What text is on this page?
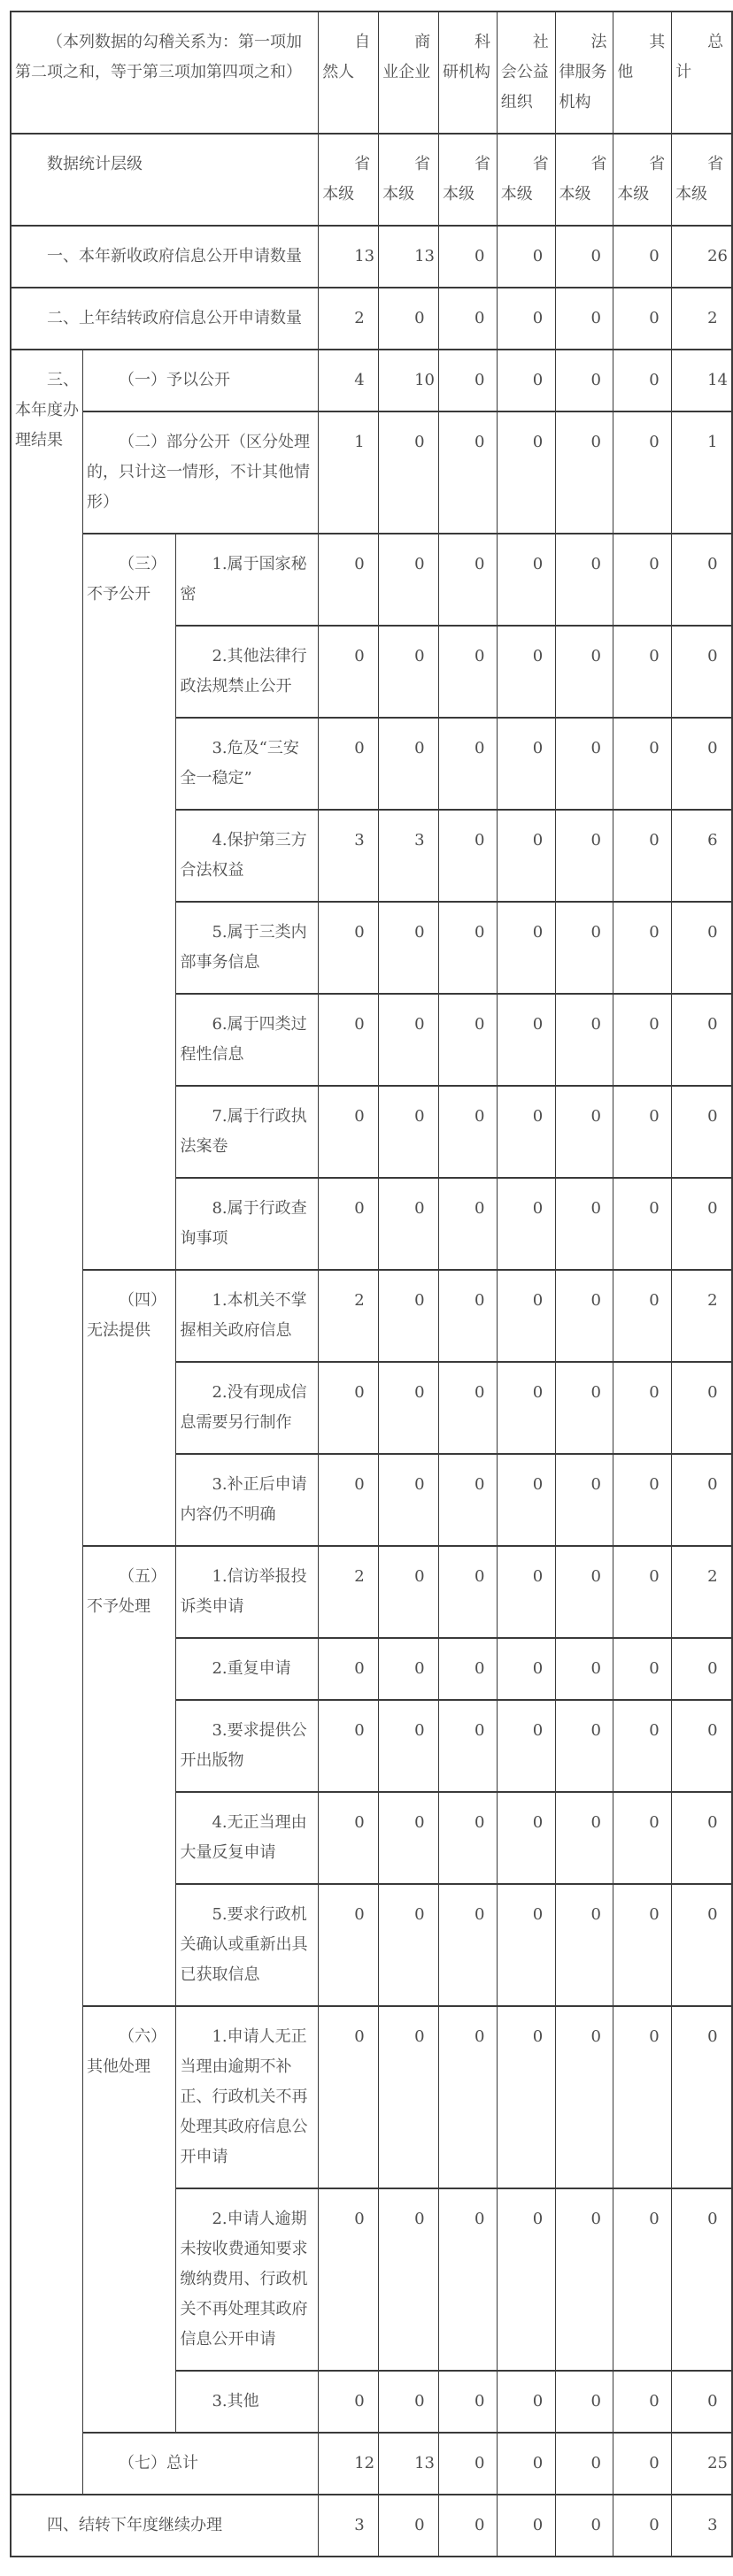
（本列数据的勾稽关系为：第一项加第二项之和，等于第三项加第四项之和）			自然人	商业企业	科研机构	社会公益组织	法律服务机构	其他	总计
数据统计层级			省本级	省本级	省本级	省本级	省本级	省本级	省本级
一、本年新收政府信息公开申请数量			13	13	0	0	0	0	26
二、上年结转政府信息公开申请数量			2	0	0	0	0	0	2
三、本年度办理结果	（一）予以公开		4	10	0	0	0	0	14
	（二）部分公开（区分处理的，只计这一情形，不计其他情形）		1	0	0	0	0	0	1
	（三）不予公开	1.属于国家秘密	0	0	0	0	0	0	0
		2.其他法律行政法规禁止公开	0	0	0	0	0	0	0
		3.危及“三安全一稳定”	0	0	0	0	0	0	0
		4.保护第三方合法权益	3	3	0	0	0	0	6
		5.属于三类内部事务信息	0	0	0	0	0	0	0
		6.属于四类过程性信息	0	0	0	0	0	0	0
		7.属于行政执法案卷	0	0	0	0	0	0	0
		8.属于行政查询事项	0	0	0	0	0	0	0
	（四）无法提供	1.本机关不掌握相关政府信息	2	0	0	0	0	0	2
		2.没有现成信息需要另行制作	0	0	0	0	0	0	0
		3.补正后申请内容仍不明确	0	0	0	0	0	0	0
	（五）不予处理	1.信访举报投诉类申请	2	0	0	0	0	0	2
		2.重复申请	0	0	0	0	0	0	0
		3.要求提供公开出版物	0	0	0	0	0	0	0
		4.无正当理由大量反复申请	0	0	0	0	0	0	0
		5.要求行政机关确认或重新出具已获取信息	0	0	0	0	0	0	0
	（六）其他处理	1.申请人无正当理由逾期不补正、行政机关不再处理其政府信息公开申请	0	0	0	0	0	0	0
		2.申请人逾期未按收费通知要求缴纳费用、行政机关不再处理其政府信息公开申请	0	0	0	0	0	0	0
		3.其他	0	0	0	0	0	0	0
	（七）总计		12	13	0	0	0	0	25
四、结转下年度继续办理			3	0	0	0	0	0	3
